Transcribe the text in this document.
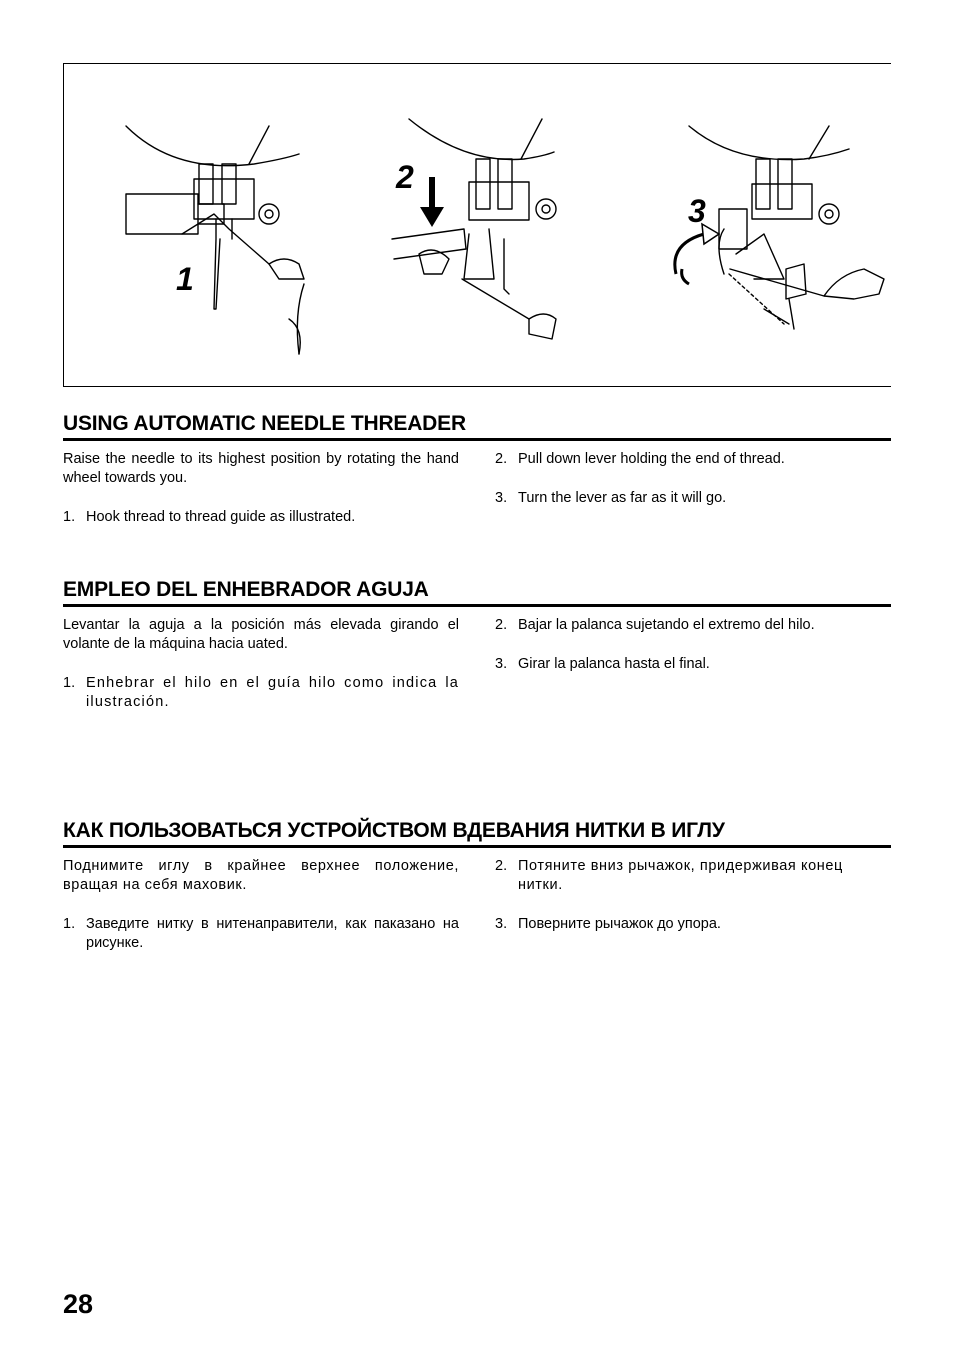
1
2
3
USING AUTOMATIC NEEDLE THREADER

Raise the needle to its highest position by rotating the hand wheel towards you.

1. Hook thread to thread guide as illustrated.

2. Pull down lever holding the end of thread.

3. Turn the lever as far as it will go.

EMPLEO DEL ENHEBRADOR AGUJA

Levantar la aguja a la posición más elevada girando el volante de la máquina hacia uated.

1. Enhebrar el hilo en el guía hilo como indica la ilustración.

2. Bajar la palanca sujetando el extremo del hilo.

3. Girar la palanca hasta el final.

КАК ПОЛЬЗОВАТЬСЯ УСТРОЙСТВОМ ВДЕВАНИЯ НИТКИ В ИГЛУ

Поднимите иглу в крайнее верхнее положение, вращая на себя маховик.

1. Заведите нитку в нитенаправители, как паказано на рисунке.

2. Потяните вниз рычажок, придерживая конец нитки.

3. Поверните рычажок до упора.

28
